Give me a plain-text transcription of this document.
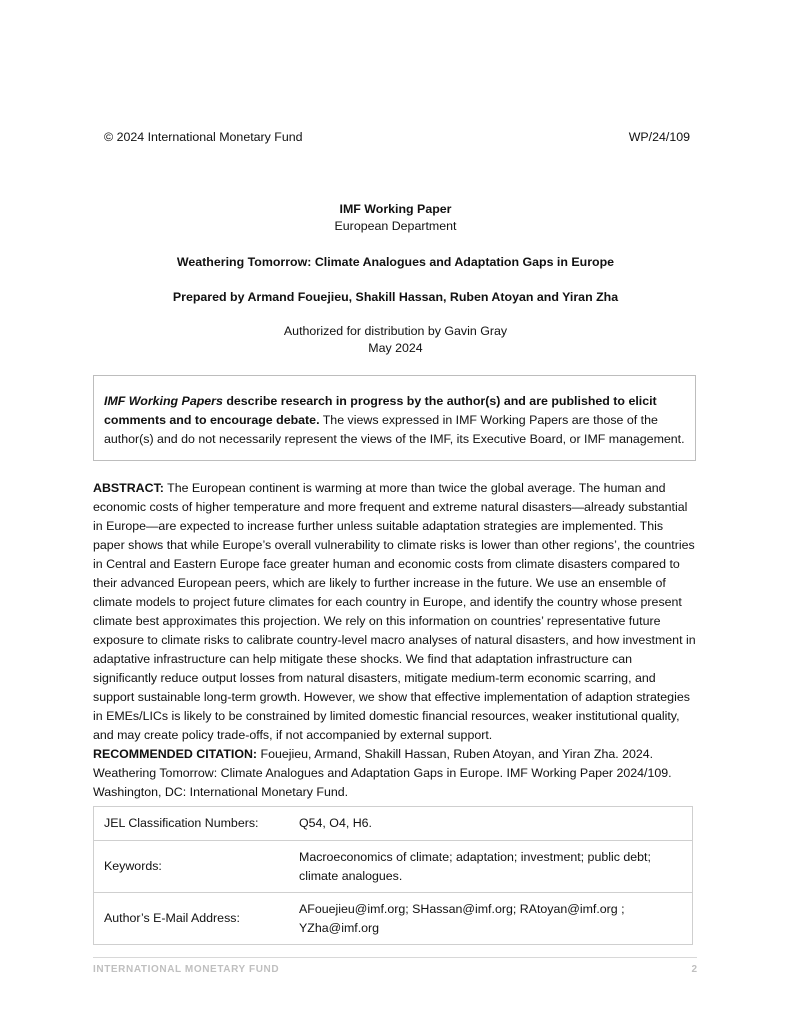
© 2024 International Monetary Fund	WP/24/109
IMF Working Paper
European Department
Weathering Tomorrow: Climate Analogues and Adaptation Gaps in Europe
Prepared by Armand Fouejieu, Shakill Hassan, Ruben Atoyan and Yiran Zha
Authorized for distribution by Gavin Gray
May 2024
IMF Working Papers describe research in progress by the author(s) and are published to elicit comments and to encourage debate. The views expressed in IMF Working Papers are those of the author(s) and do not necessarily represent the views of the IMF, its Executive Board, or IMF management.

ABSTRACT: The European continent is warming at more than twice the global average. The human and economic costs of higher temperature and more frequent and extreme natural disasters—already substantial in Europe—are expected to increase further unless suitable adaptation strategies are implemented. This paper shows that while Europe’s overall vulnerability to climate risks is lower than other regions’, the countries in Central and Eastern Europe face greater human and economic costs from climate disasters compared to their advanced European peers, which are likely to further increase in the future. We use an ensemble of climate models to project future climates for each country in Europe, and identify the country whose present climate best approximates this projection. We rely on this information on countries’ representative future exposure to climate risks to calibrate country-level macro analyses of natural disasters, and how investment in adaptative infrastructure can help mitigate these shocks. We find that adaptation infrastructure can significantly reduce output losses from natural disasters, mitigate medium-term economic scarring, and support sustainable long-term growth. However, we show that effective implementation of adaption strategies in EMEs/LICs is likely to be constrained by limited domestic financial resources, weaker institutional quality, and may create policy trade-offs, if not accompanied by external support.

RECOMMENDED CITATION: Fouejieu, Armand, Shakill Hassan, Ruben Atoyan, and Yiran Zha. 2024. Weathering Tomorrow: Climate Analogues and Adaptation Gaps in Europe. IMF Working Paper 2024/109. Washington, DC: International Monetary Fund.

JEL Classification Numbers:	Q54, O4, H6.
Keywords:	Macroeconomics of climate; adaptation; investment; public debt; climate analogues.
Author’s E-Mail Address:	AFouejieu@imf.org; SHassan@imf.org; RAtoyan@imf.org ; YZha@imf.org
INTERNATIONAL MONETARY FUND	2
